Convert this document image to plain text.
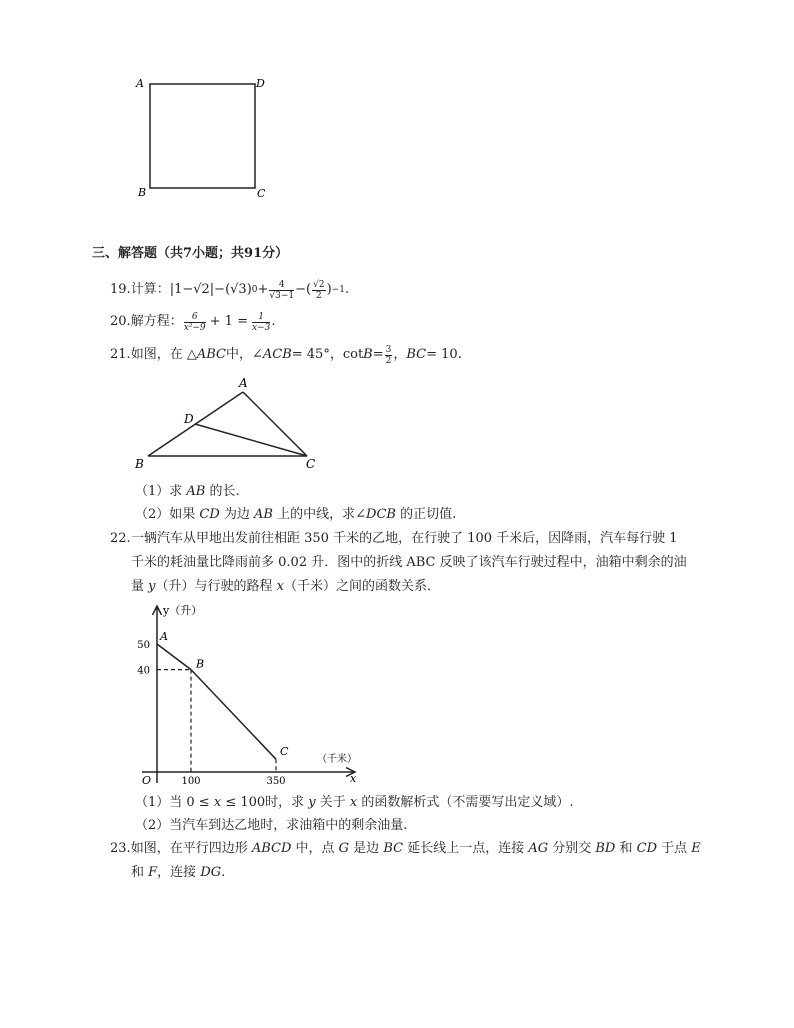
A	D
B	C
三、解答题（共7小题；共91分）
19. 计算： |1−√2|−(√3) $0 + \frac{4}{√3-1}$ −( $\frac{√2}{2}$ ) −1 .
20. 解方程： $\frac{6}{\text{x²−9}} + 1 = \frac{1}{x-3}$ .
21. 如图，在 △ ABC 中，∠ ACB = 45°，$\cot B = \frac{3}{2}$ ， BC = 10.
A
D
B	C
（1）求 AB 的长.
（2）如果 CD 为边 AB 上的中线，求∠DCB 的正切值.
22. 一辆汽车从甲地出发前往相距 350 千米的乙地，在行驶了 100 千米后，因降雨，汽车每行驶 1
千米的耗油量比降雨前多 0.02 升．图中的折线 ABC 反映了该汽车行驶过程中，油箱中剩余的油
量 y（升）与行驶的路程 x（千米）之间的函数关系．
y（升）
（千米）
x
O
A
B
C
100	350
50
40
（1）当 0 ≤ x ≤ 100时，求 y 关于 x 的函数解析式（不需要写出定义域）.
（2）当汽车到达乙地时，求油箱中的剩余油量.
23.如图，在平行四边形 ABCD 中，点 G 是边 BC 延长线上一点，连接 AG 分别交 BD 和 CD 于点 E
和 F，连接 DG.
